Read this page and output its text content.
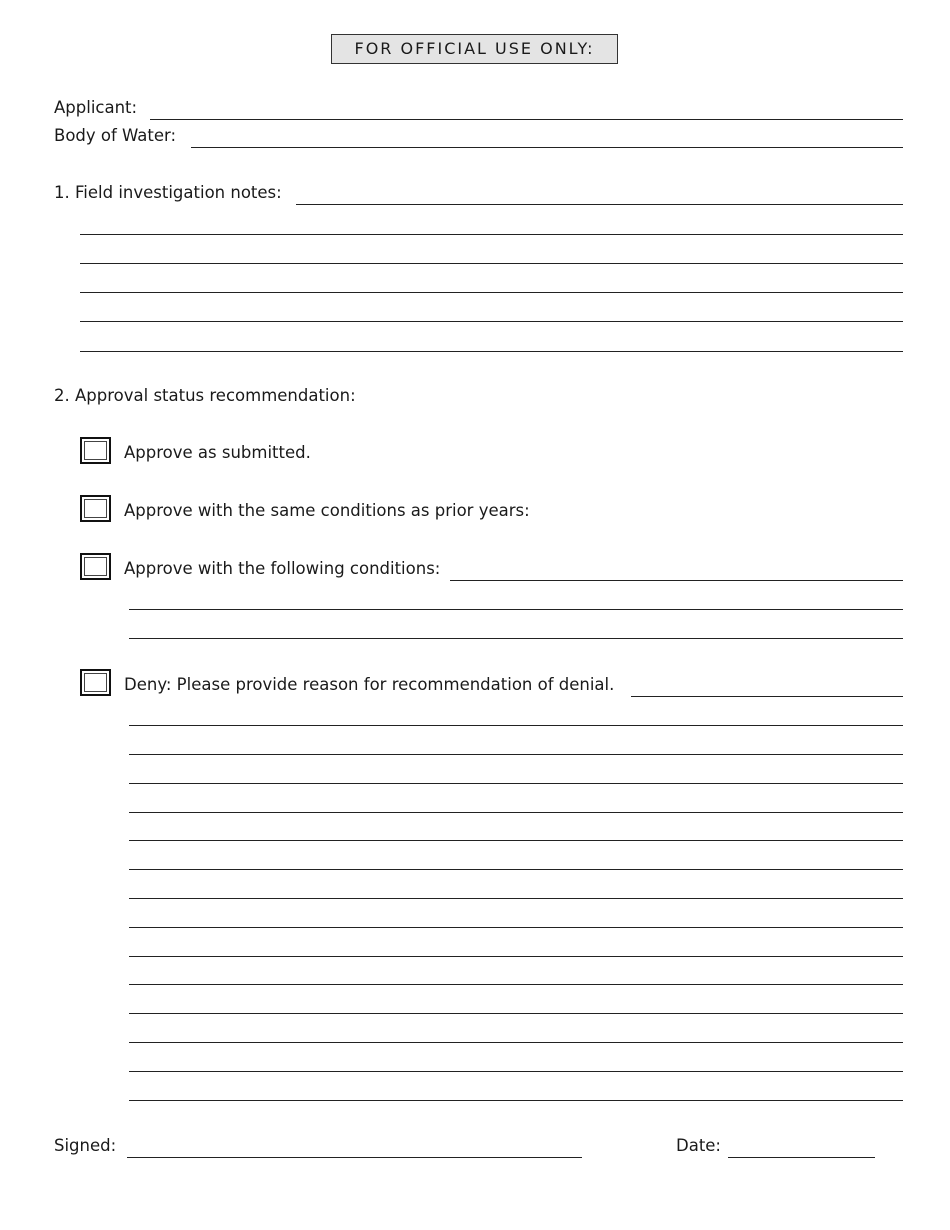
FOR OFFICIAL USE ONLY:
Applicant:
Body of Water:
1. Field investigation notes:
2. Approval status recommendation:
Approve as submitted.
Approve with the same conditions as prior years:
Approve with the following conditions:
Deny: Please provide reason for recommendation of denial.
Signed:	Date:
